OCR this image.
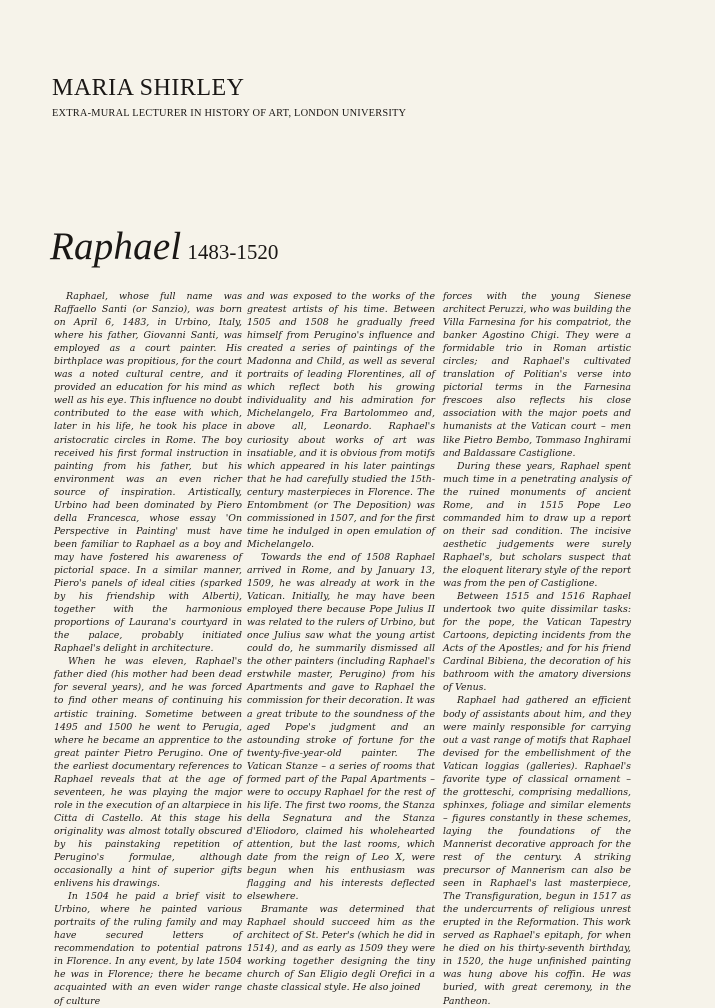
MARIA SHIRLEY

EXTRA-MURAL LECTURER IN HISTORY OF ART, LONDON UNIVERSITY

Raphael 1483-1520

Raphael, whose full name was Raffaello Santi (or Sanzio), was born on April 6, 1483, in Urbino, Italy, where his father, Giovanni Santi, was employed as a court painter. His birthplace was propitious, for the court was a noted cultural centre, and it provided an education for his mind as well as his eye. This influence no doubt contributed to the ease with which, later in his life, he took his place in aristocratic circles in Rome. The boy received his first formal instruction in painting from his father, but his environment was an even richer source of inspiration. Artistically, Urbino had been dominated by Piero della Francesca, whose essay 'On Perspective in Painting' must have been familiar to Raphael as a boy and may have fostered his awareness of pictorial space. In a similar manner, Piero's panels of ideal cities (sparked by his friendship with Alberti), together with the harmonious proportions of Laurana's courtyard in the palace, probably initiated Raphael's delight in architecture.

When he was eleven, Raphael's father died (his mother had been dead for several years), and he was forced to find other means of continuing his artistic training. Sometime between 1495 and 1500 he went to Perugia, where he became an apprentice to the great painter Pietro Perugino. One of the earliest documentary references to Raphael reveals that at the age of seventeen, he was playing the major role in the execution of an altarpiece in Citta di Castello. At this stage his originality was almost totally obscured by his painstaking repetition of Perugino's formulae, although occasionally a hint of superior gifts enlivens his drawings.

In 1504 he paid a brief visit to Urbino, where he painted various portraits of the ruling family and may have secured letters of recommendation to potential patrons in Florence. In any event, by late 1504 he was in Florence; there he became acquainted with an even wider range of culture

and was exposed to the works of the greatest artists of his time. Between 1505 and 1508 he gradually freed himself from Perugino's influence and created a series of paintings of the Madonna and Child, as well as several portraits of leading Florentines, all of which reflect both his growing individuality and his admiration for Michelangelo, Fra Bartolommeo and, above all, Leonardo. Raphael's curiosity about works of art was insatiable, and it is obvious from motifs which appeared in his later paintings that he had carefully studied the 15th-century masterpieces in Florence. The Entombment (or The Deposition) was commissioned in 1507, and for the first time he indulged in open emulation of Michelangelo.

Towards the end of 1508 Raphael arrived in Rome, and by January 13, 1509, he was already at work in the Vatican. Initially, he may have been employed there because Pope Julius II was related to the rulers of Urbino, but once Julius saw what the young artist could do, he summarily dismissed all the other painters (including Raphael's erstwhile master, Perugino) from his Apartments and gave to Raphael the commission for their decoration. It was a great tribute to the soundness of the aged Pope's judgment and an astounding stroke of fortune for the twenty-five-year-old painter. The Vatican Stanze – a series of rooms that formed part of the Papal Apartments – were to occupy Raphael for the rest of his life. The first two rooms, the Stanza della Segnatura and the Stanza d'Eliodoro, claimed his wholehearted attention, but the last rooms, which date from the reign of Leo X, were begun when his enthusiasm was flagging and his interests deflected elsewhere.

Bramante was determined that Raphael should succeed him as the architect of St. Peter's (which he did in 1514), and as early as 1509 they were working together designing the tiny church of San Eligio degli Orefici in a chaste classical style. He also joined

forces with the young Sienese architect Peruzzi, who was building the Villa Farnesina for his compatriot, the banker Agostino Chigi. They were a formidable trio in Roman artistic circles; and Raphael's cultivated translation of Politian's verse into pictorial terms in the Farnesina frescoes also reflects his close association with the major poets and humanists at the Vatican court – men like Pietro Bembo, Tommaso Inghirami and Baldassare Castiglione.

During these years, Raphael spent much time in a penetrating analysis of the ruined monuments of ancient Rome, and in 1515 Pope Leo commanded him to draw up a report on their sad condition. The incisive aesthetic judgements were surely Raphael's, but scholars suspect that the eloquent literary style of the report was from the pen of Castiglione.

Between 1515 and 1516 Raphael undertook two quite dissimilar tasks: for the pope, the Vatican Tapestry Cartoons, depicting incidents from the Acts of the Apostles; and for his friend Cardinal Bibiena, the decoration of his bathroom with the amatory diversions of Venus.

Raphael had gathered an efficient body of assistants about him, and they were mainly responsible for carrying out a vast range of motifs that Raphael devised for the embellishment of the Vatican loggias (galleries). Raphael's favorite type of classical ornament – the grotteschi, comprising medallions, sphinxes, foliage and similar elements – figures constantly in these schemes, laying the foundations of the Mannerist decorative approach for the rest of the century. A striking precursor of Mannerism can also be seen in Raphael's last masterpiece, The Transfiguration, begun in 1517 as the undercurrents of religious unrest erupted in the Reformation. This work served as Raphael's epitaph, for when he died on his thirty-seventh birthday, in 1520, the huge unfinished painting was hung above his coffin. He was buried, with great ceremony, in the Pantheon.
